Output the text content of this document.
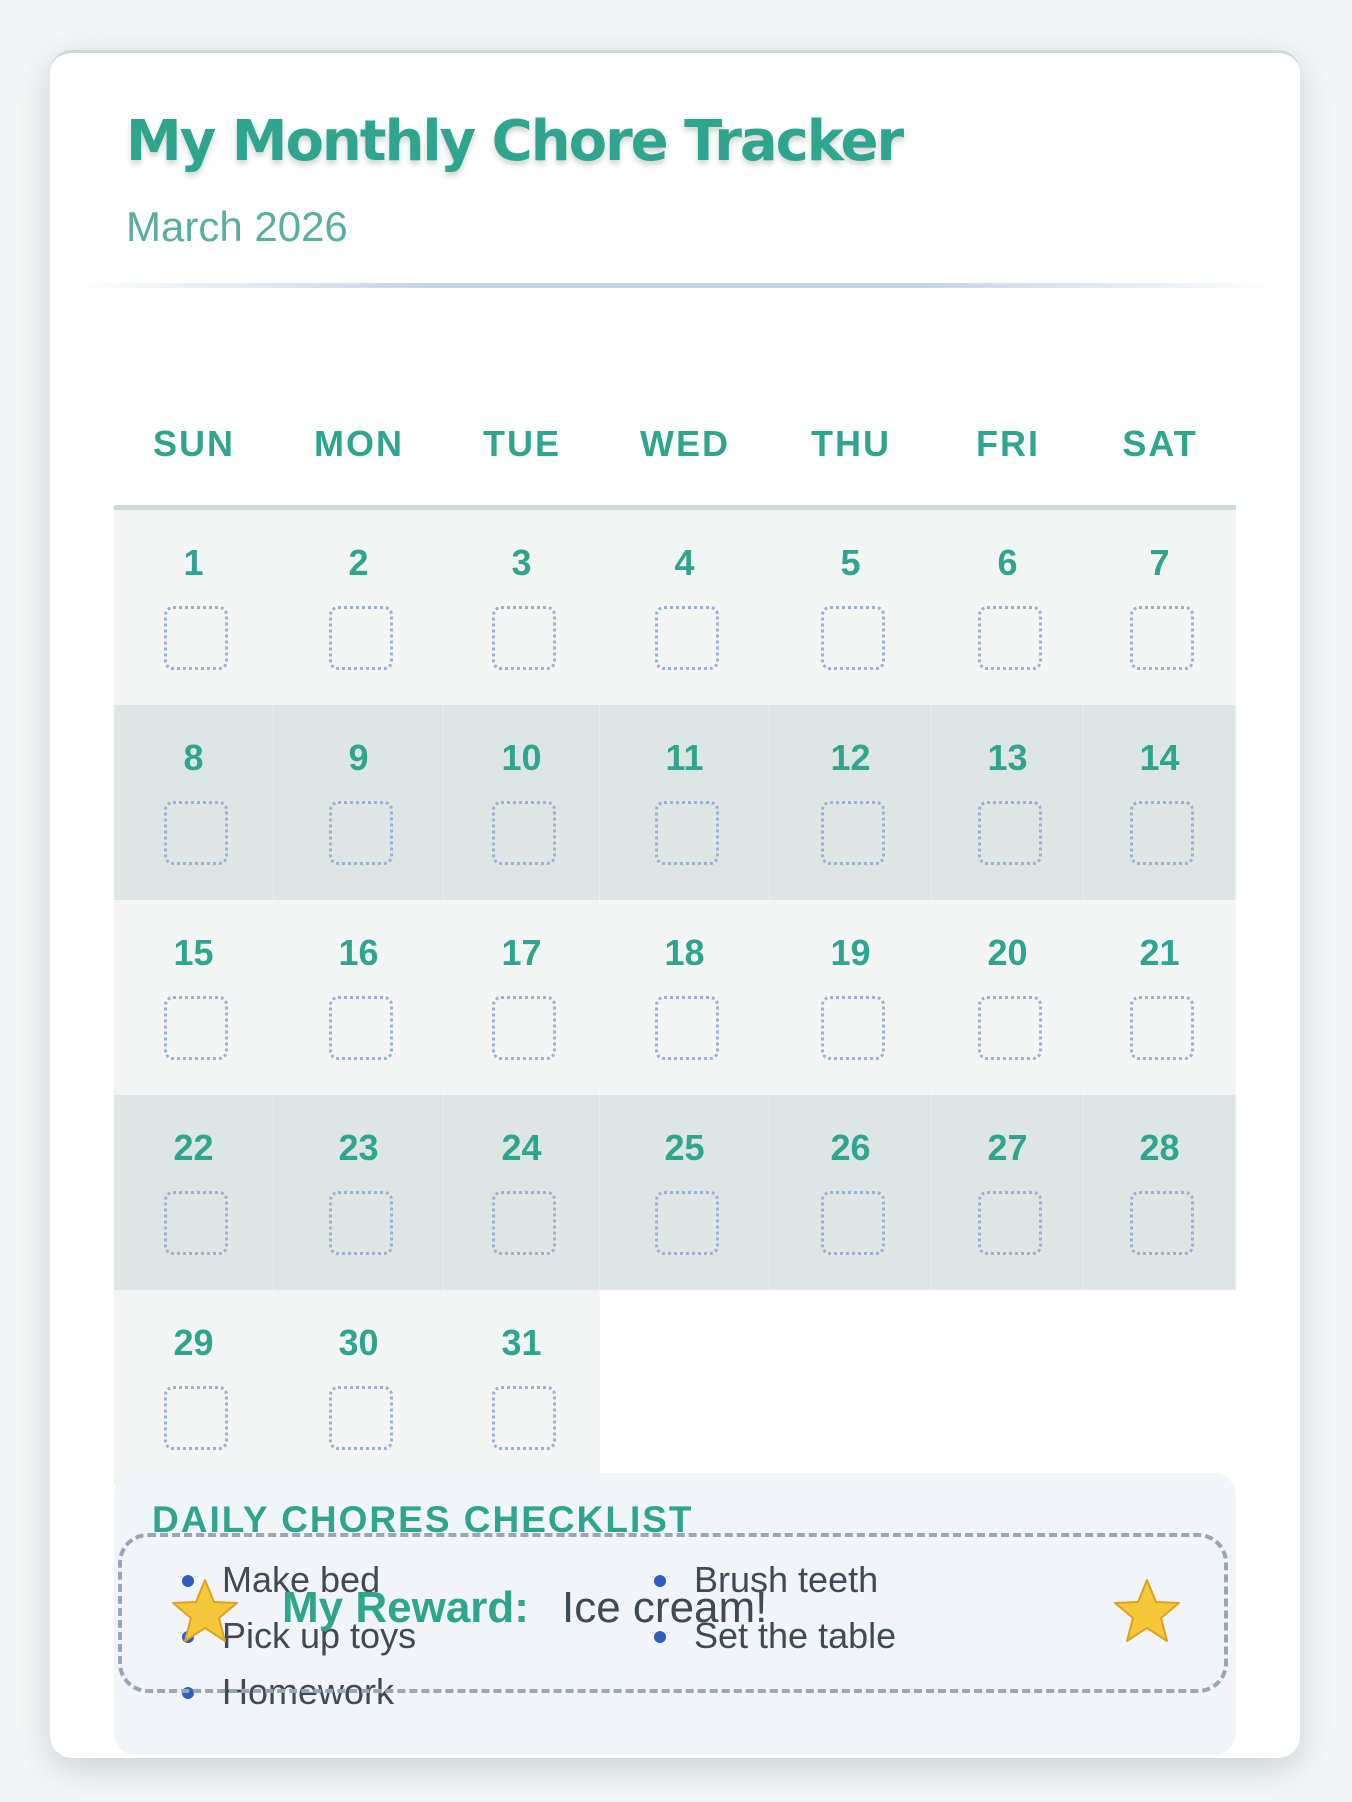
My Monthly Chore Tracker
March 2026
SUN	MON	TUE	WED	THU	FRI	SAT
1	2	3	4	5	6	7
8	9	10	11	12	13	14
15	16	17	18	19	20	21
22	23	24	25	26	27	28
29	30	31
DAILY CHORES CHECKLIST
Make bed	Brush teeth
Pick up toys	Set the table
Homework
My Reward: Ice cream!
